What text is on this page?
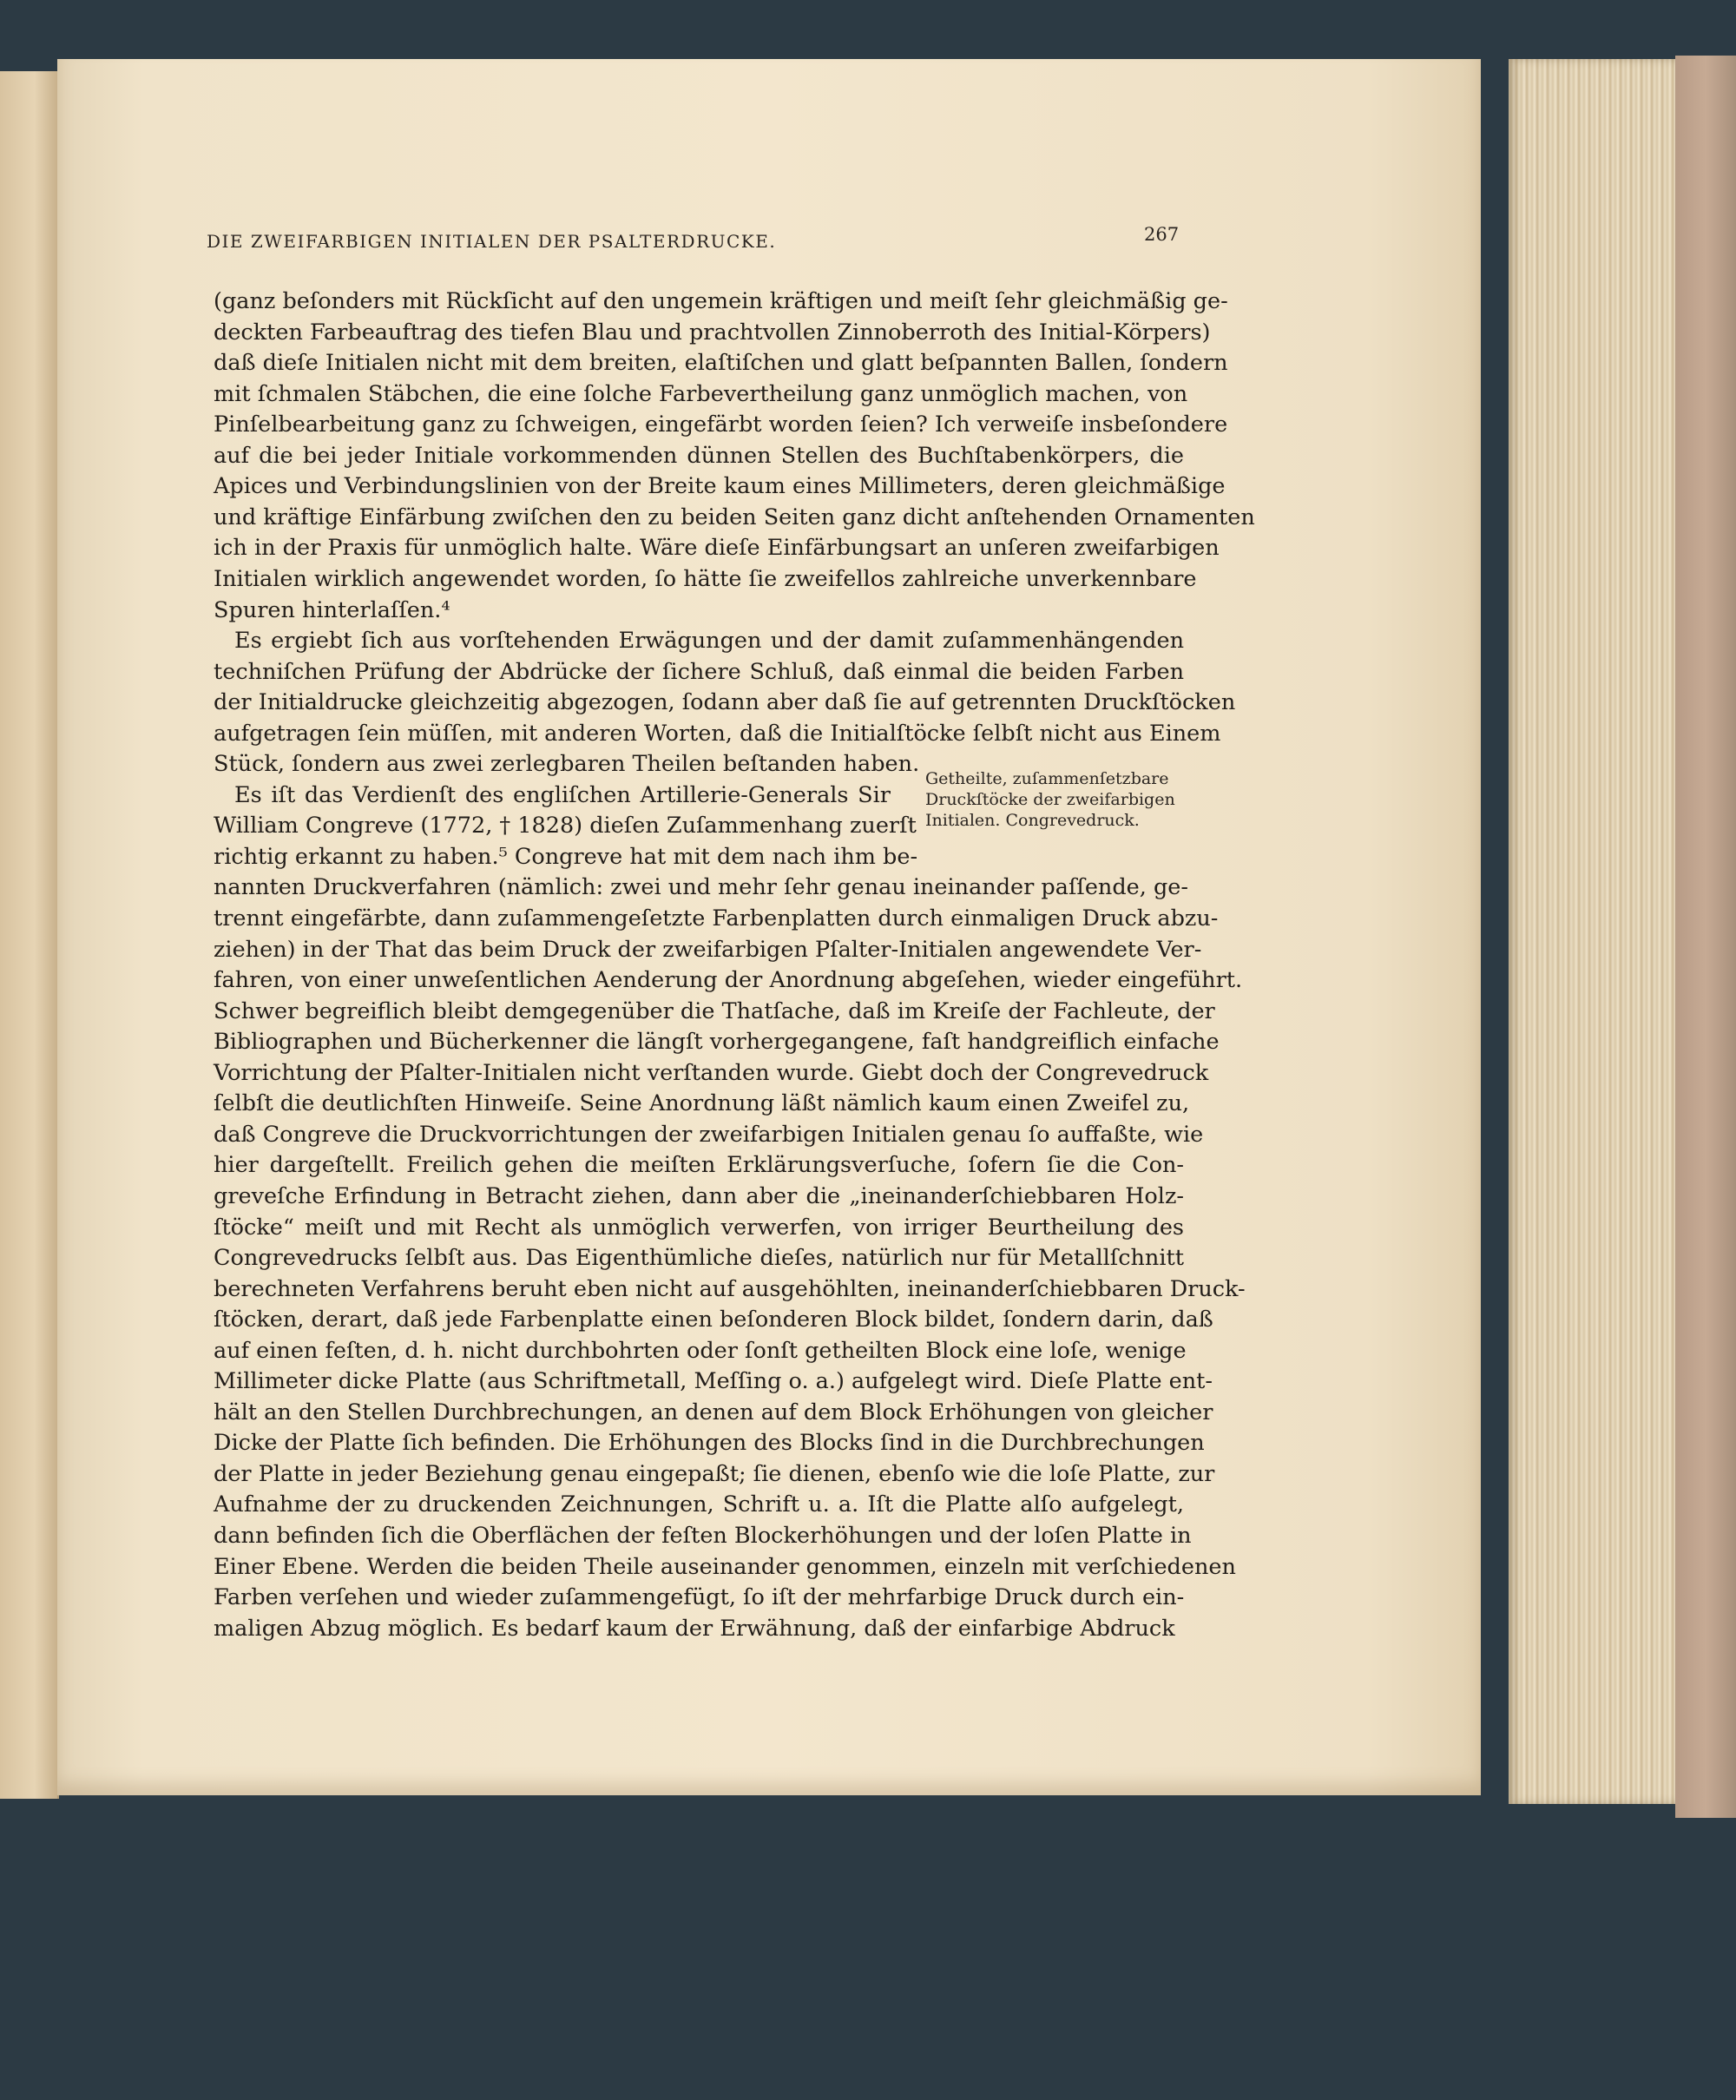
DIE ZWEIFARBIGEN INITIALEN DER PSALTERDRUCKE.	267
(ganz beſonders mit Rückſicht auf den ungemein kräftigen und meiſt ſehr gleichmäßig ge-
deckten Farbeauftrag des tiefen Blau und prachtvollen Zinnoberroth des Initial-Körpers)
daß dieſe Initialen nicht mit dem breiten, elaſtiſchen und glatt beſpannten Ballen, ſondern
mit ſchmalen Stäbchen, die eine ſolche Farbevertheilung ganz unmöglich machen, von
Pinſelbearbeitung ganz zu ſchweigen, eingefärbt worden ſeien? Ich verweiſe insbeſondere
auf die bei jeder Initiale vorkommenden dünnen Stellen des Buchſtabenkörpers, die
Apices und Verbindungslinien von der Breite kaum eines Millimeters, deren gleichmäßige
und kräftige Einfärbung zwiſchen den zu beiden Seiten ganz dicht anſtehenden Ornamenten
ich in der Praxis für unmöglich halte. Wäre dieſe Einfärbungsart an unſeren zweifarbigen
Initialen wirklich angewendet worden, ſo hätte ſie zweifellos zahlreiche unverkennbare
Spuren hinterlaſſen.⁴
Es ergiebt ſich aus vorſtehenden Erwägungen und der damit zuſammenhängenden
techniſchen Prüfung der Abdrücke der ſichere Schluß, daß einmal die beiden Farben
der Initialdrucke gleichzeitig abgezogen, ſodann aber daß ſie auf getrennten Druckſtöcken
aufgetragen ſein müſſen, mit anderen Worten, daß die Initialſtöcke ſelbſt nicht aus Einem
Stück, ſondern aus zwei zerlegbaren Theilen beſtanden haben.
Es iſt das Verdienſt des engliſchen Artillerie-Generals Sir
William Congreve (1772, † 1828) dieſen Zuſammenhang zuerſt
richtig erkannt zu haben.⁵ Congreve hat mit dem nach ihm be-
nannten Druckverfahren (nämlich: zwei und mehr ſehr genau ineinander paſſende, ge-
trennt eingefärbte, dann zuſammengeſetzte Farbenplatten durch einmaligen Druck abzu-
ziehen) in der That das beim Druck der zweifarbigen Pſalter-Initialen angewendete Ver-
fahren, von einer unweſentlichen Aenderung der Anordnung abgeſehen, wieder eingeführt.
Schwer begreiflich bleibt demgegenüber die Thatſache, daß im Kreiſe der Fachleute, der
Bibliographen und Bücherkenner die längſt vorhergegangene, faſt handgreiflich einfache
Vorrichtung der Pſalter-Initialen nicht verſtanden wurde. Giebt doch der Congrevedruck
ſelbſt die deutlichſten Hinweiſe. Seine Anordnung läßt nämlich kaum einen Zweifel zu,
daß Congreve die Druckvorrichtungen der zweifarbigen Initialen genau ſo auffaßte, wie
hier dargeſtellt. Freilich gehen die meiſten Erklärungsverſuche, ſofern ſie die Con-
greveſche Erfindung in Betracht ziehen, dann aber die „ineinanderſchiebbaren Holz-
ſtöcke“ meiſt und mit Recht als unmöglich verwerfen, von irriger Beurtheilung des
Congrevedrucks ſelbſt aus. Das Eigenthümliche dieſes, natürlich nur für Metallſchnitt
berechneten Verfahrens beruht eben nicht auf ausgehöhlten, ineinanderſchiebbaren Druck-
ſtöcken, derart, daß jede Farbenplatte einen beſonderen Block bildet, ſondern darin, daß
auf einen feſten, d. h. nicht durchbohrten oder ſonſt getheilten Block eine loſe, wenige
Millimeter dicke Platte (aus Schriftmetall, Meſſing o. a.) aufgelegt wird. Dieſe Platte ent-
hält an den Stellen Durchbrechungen, an denen auf dem Block Erhöhungen von gleicher
Dicke der Platte ſich befinden. Die Erhöhungen des Blocks ſind in die Durchbrechungen
der Platte in jeder Beziehung genau eingepaßt; ſie dienen, ebenſo wie die loſe Platte, zur
Aufnahme der zu druckenden Zeichnungen, Schrift u. a. Iſt die Platte alſo aufgelegt,
dann befinden ſich die Oberflächen der feſten Blockerhöhungen und der loſen Platte in
Einer Ebene. Werden die beiden Theile auseinander genommen, einzeln mit verſchiedenen
Farben verſehen und wieder zuſammengefügt, ſo iſt der mehrfarbige Druck durch ein-
maligen Abzug möglich. Es bedarf kaum der Erwähnung, daß der einfarbige Abdruck
Getheilte, zuſammenſetzbare
Druckſtöcke der zweifarbigen
Initialen. Congrevedruck.
